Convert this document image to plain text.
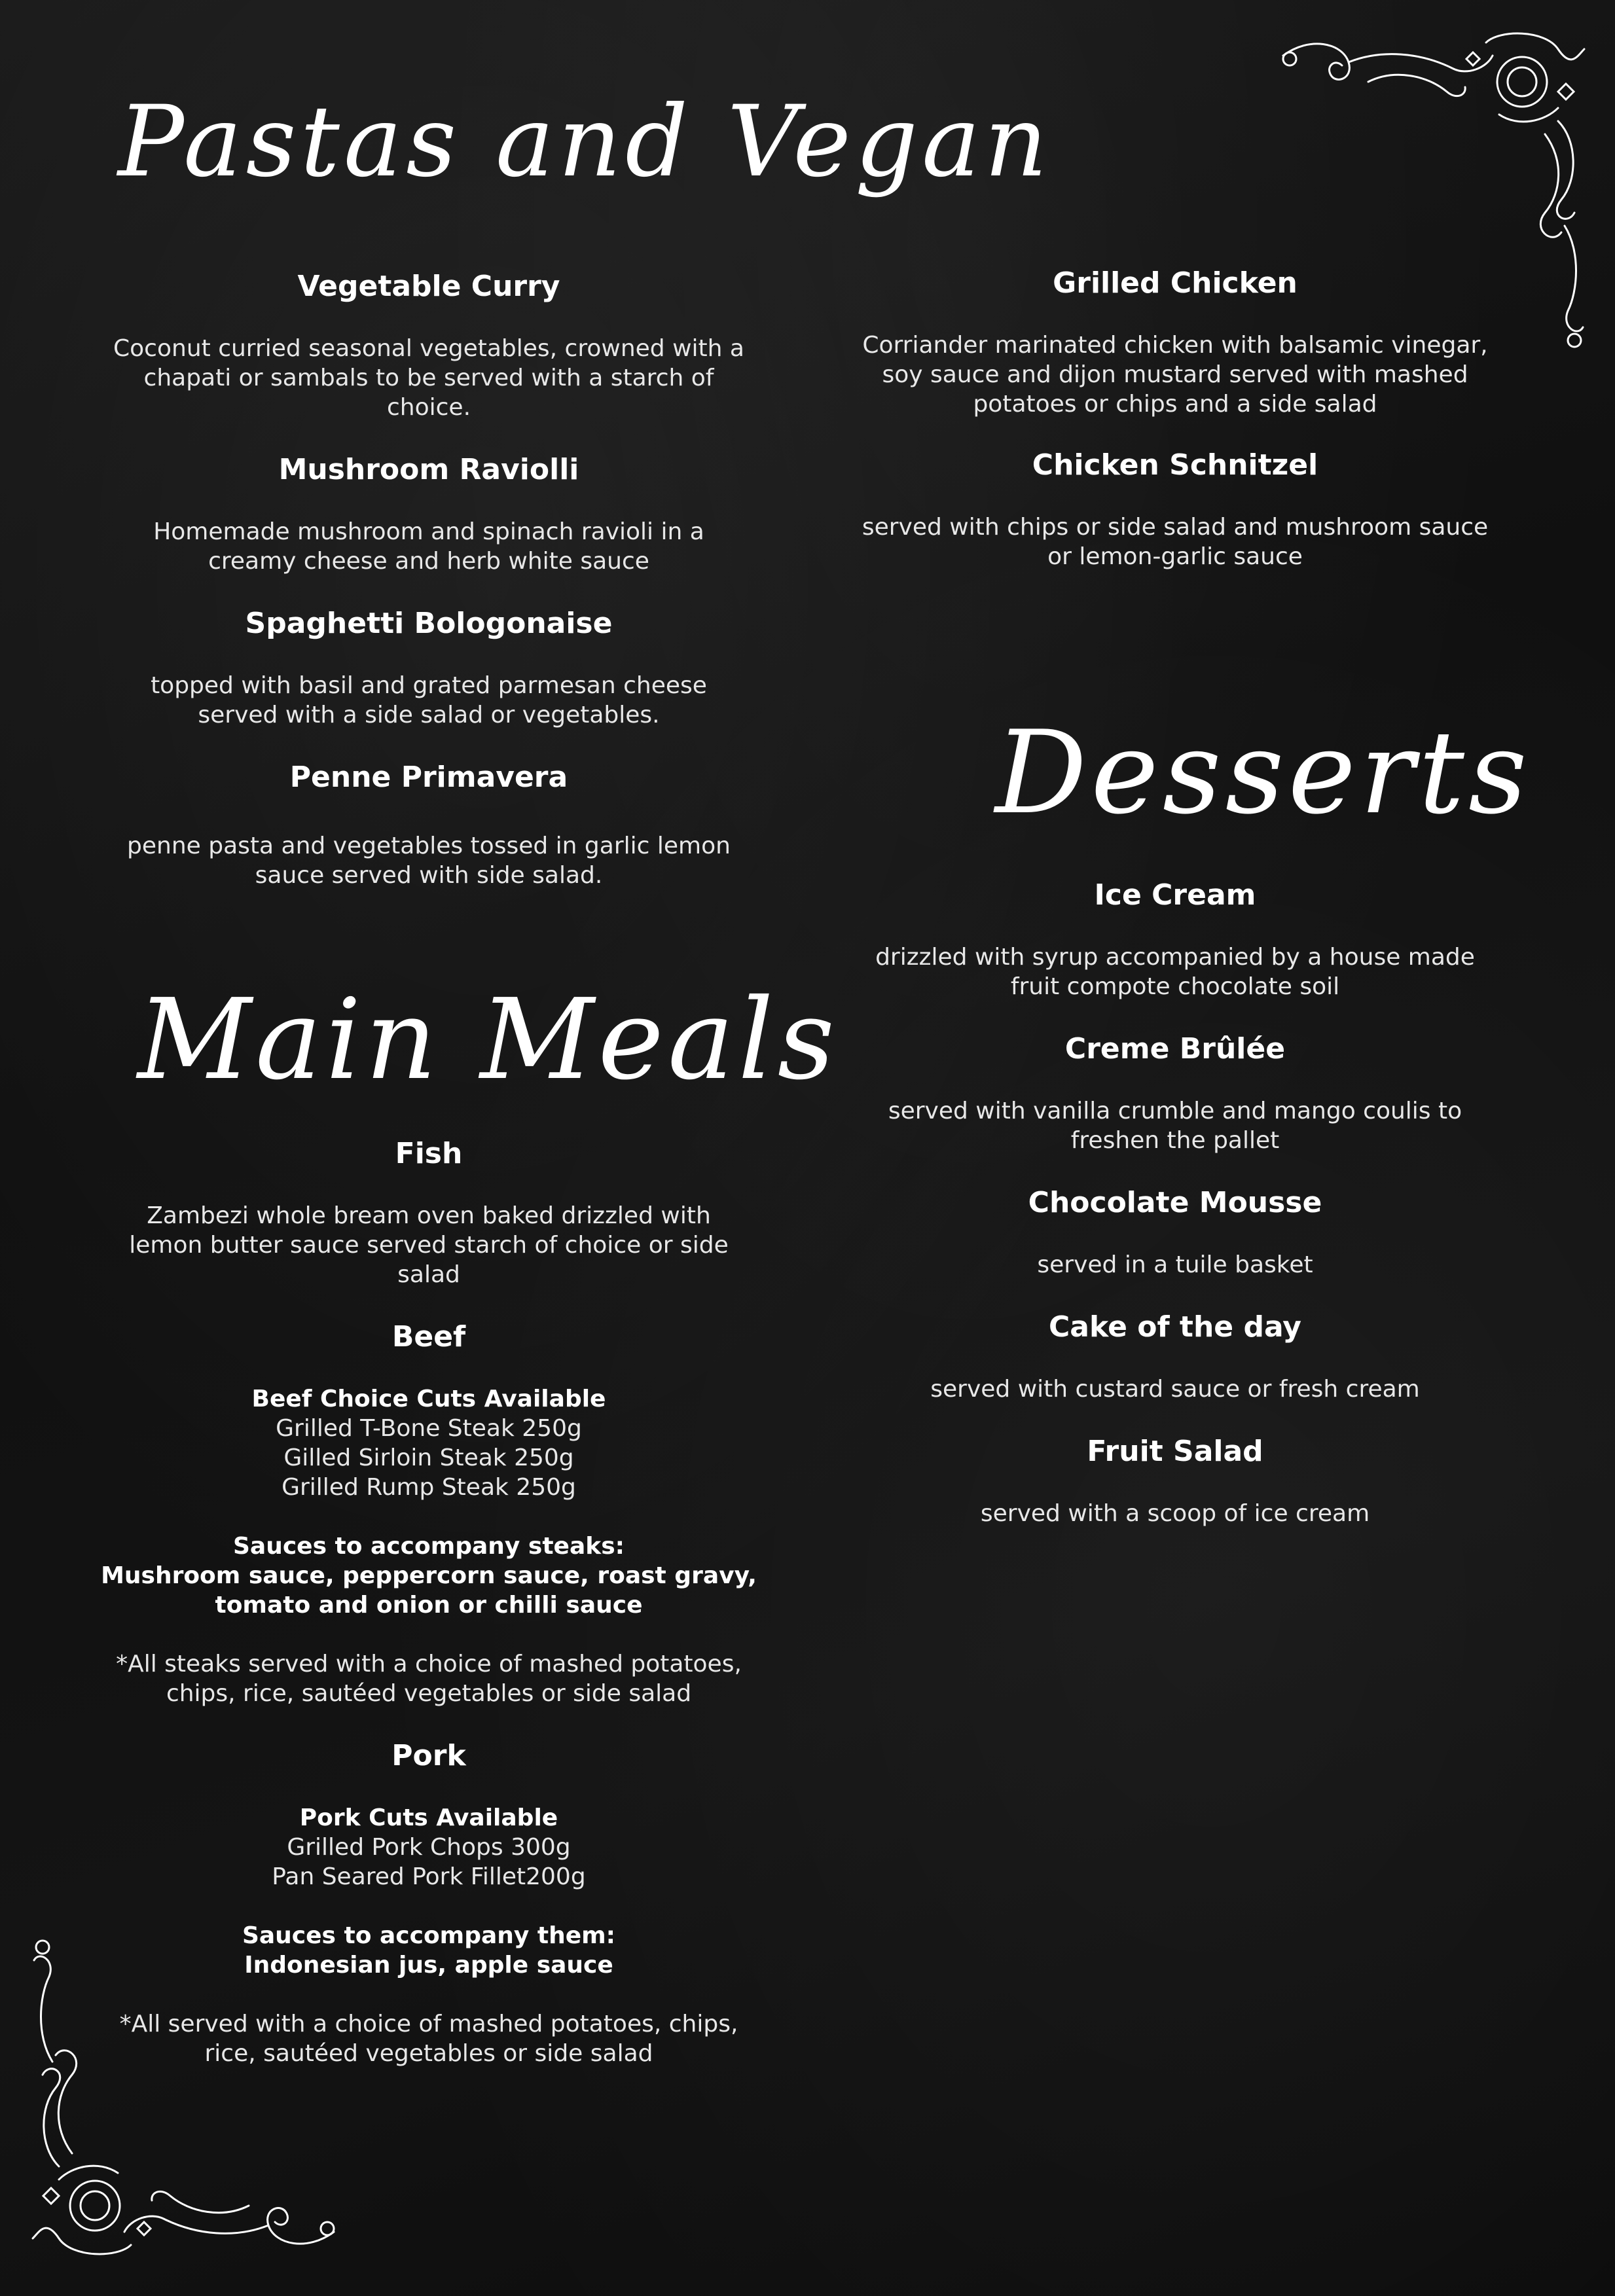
Pastas and Vegan
Main Meals
Desserts

Vegetable Curry

Coconut curried seasonal vegetables, crowned with a

chapati or sambals to be served with a starch of

choice.

Mushroom Raviolli

Homemade mushroom and spinach ravioli in a

creamy cheese and herb white sauce

Spaghetti Bologonaise

topped with basil and grated parmesan cheese

served with a side salad or vegetables.

Penne Primavera

penne pasta and vegetables tossed in garlic lemon

sauce served with side salad.

Fish

Zambezi whole bream oven baked drizzled with

lemon butter sauce served starch of choice or side

salad

Beef

Beef Choice Cuts Available

Grilled T-Bone Steak 250g

Gilled Sirloin Steak 250g

Grilled Rump Steak 250g

Sauces to accompany steaks:

Mushroom sauce, peppercorn sauce, roast gravy,

tomato and onion or chilli sauce

*All steaks served with a choice of mashed potatoes,

chips, rice, sautéed vegetables or side salad

Pork

Pork Cuts Available

Grilled Pork Chops 300g

Pan Seared Pork Fillet200g

Sauces to accompany them:

Indonesian jus, apple sauce

*All served with a choice of mashed potatoes, chips,

rice, sautéed vegetables or side salad

Grilled Chicken

Corriander marinated chicken with balsamic vinegar,

soy sauce and dijon mustard served with mashed

potatoes or chips and a side salad

Chicken Schnitzel

served with chips or side salad and mushroom sauce

or lemon-garlic sauce

Ice Cream

drizzled with syrup accompanied by a house made

fruit compote chocolate soil

Creme Brûlée

served with vanilla crumble and mango coulis to

freshen the pallet

Chocolate Mousse

served in a tuile basket

Cake of the day

served with custard sauce or fresh cream

Fruit Salad

served with a scoop of ice cream
